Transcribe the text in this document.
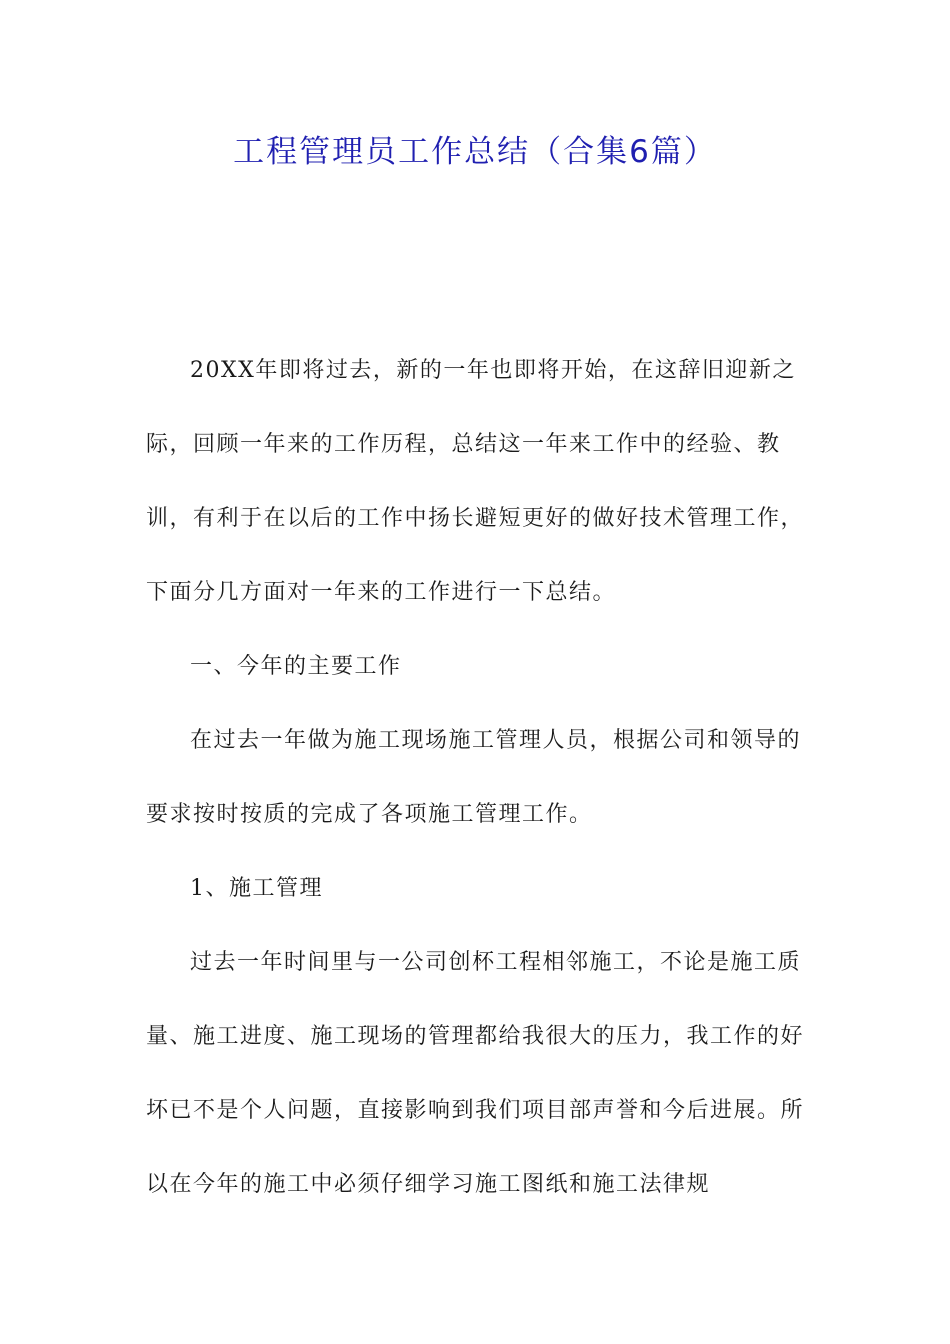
工程管理员工作总结（合集6篇）

20XX年即将过去，新的一年也即将开始，在这辞旧迎新之际，回顾一年来的工作历程，总结这一年来工作中的经验、教训，有利于在以后的工作中扬长避短更好的做好技术管理工作，下面分几方面对一年来的工作进行一下总结。

一、今年的主要工作

在过去一年做为施工现场施工管理人员，根据公司和领导的要求按时按质的完成了各项施工管理工作。

1、施工管理

过去一年时间里与一公司创杯工程相邻施工，不论是施工质量、施工进度、施工现场的管理都给我很大的压力，我工作的好坏已不是个人问题，直接影响到我们项目部声誉和今后进展。所以在今年的施工中必须仔细学习施工图纸和施工法律规
